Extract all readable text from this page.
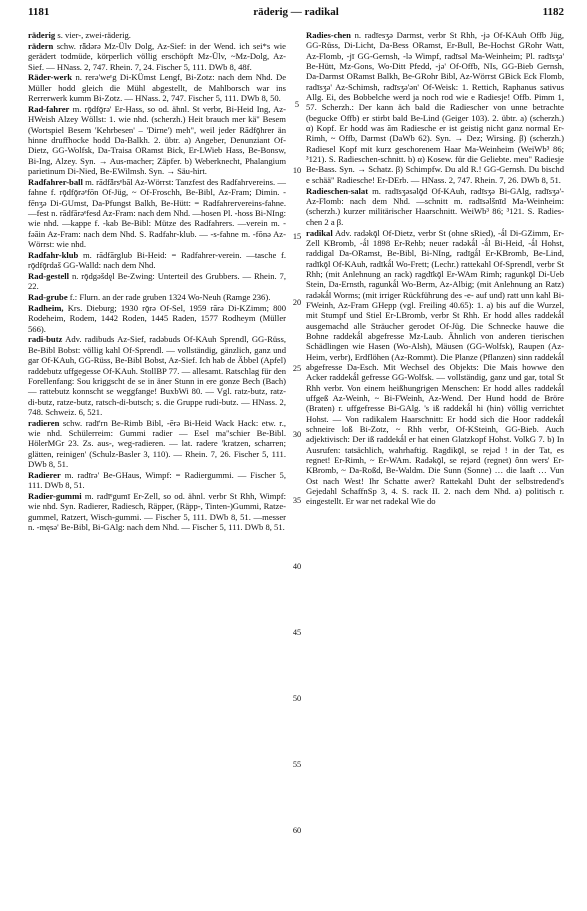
1181	räderig — radikal	1182

räderig s. vier-, zwei-räderig.

rädern schw. rǟdərə Mz-Ülv Dolg, Az-Sief: in der Wend. ich sei*s wie gerädert todmüde, körperlich völlig erschöpft Mz-Ülv, ~Mz-Dolg, Az-Sief. — HNass. 2, 747. Rhein. 7, 24. Fischer 5, 111. DWb 8, 48f.

Räder-werk n. rerə'weᵋg Di-KÜmst Lengf, Bi-Zotz: nach dem Nhd. De Müller hodd gleich die Mühl abgestellt, de Mahlborsch war ins Rerrerwerk kumm Bi-Zotz. — HNass. 2, 747. Fischer 5, 111. DWb 8, 50.

Rad-fahrer m. rǭdfǭrə' Er-Hass, so od. ähnl. St verbr, Bi-Heid Ing, Az-HWeish Alzey Wöllst: 1. wie nhd. (scherzh.) Heit brauch mer kä" Besem (Wortspiel Besem 'Kehrbesen' – 'Dirne') meh", weil jeder Rādfǭhrer än hinne druffhocke hodd Da-Balkh. 2. übtr. a) Angeber, Denunziant Of-Dietz, GG-Wolfsk, Da-Traisa ORamst Bick, Er-LWieb Hass, Be-Bonsw, Bi-Ing, Alzey. Syn. → Aus-macher; Zäpfer. b) Weberknecht, Phalangium parietinum Di-Nied, Be-EWilmsh. Syn. → Säu-hirt.

Radfahrer-ball m. rādfǟrsᵉbāl Az-Wörrst: Tanzfest des Radfahrvereins. —fahne f. rǭdfǭrəᵉfōn Of-Jüg, ~ Of-Froschh, Be-Bibl, Az-Fram; Dimin. -fēnʒə Di-GUmst, Da-Pfungst Balkh, Be-Hütt: = Radfahrervereins-fahne. —fest n. rādfārəᵉfesd Az-Fram: nach dem Nhd. —hosen Pl. -hoss Bi-NIng: wie nhd. —kappe f. -kab Be-Bibl: Mütze des Radfahrers. —verein m. -fəāin Az-Fram: nach dem Nhd. S. Radfahr-klub. — -s-fahne m. -fōnə Az-Wörrst: wie nhd.

Radfahr-klub m. rādfārglub Bi-Heid: = Radfahrer-verein. —tasche f. rǭdfǭrdaš GG-Walld: nach dem Nhd.

Rad-gestell n. rǭdgəšdęl Be-Zwing: Unterteil des Grubbers. — Rhein. 7, 22.

Rad-grube f.: Flurn. an der rade gruben 1324 Wo-Neuh (Ramge 236).

Radheim, Krs. Dieburg; 1930 rǭrə Of-Sel, 1959 rārə Di-KZimm; 800 Rodeheim, Rodem, 1442 Roden, 1445 Raden, 1577 Rodheym (Müller 566).

radi-butz Adv. radibuds Az-Sief, radəbuds Of-KAuh Sprendl, GG-Rüss, Be-Bibl Bobst: völlig kahl Of-Sprendl. — vollständig, gänzlich, ganz und gar Of-KAuh, GG-Rüss, Be-Bibl Bobst, Az-Sief. Ich hab de Äbbel (Apfel) raddebutz uffgegesse Of-KAuh. StollBP 77. — allesamt. Ratschlag für den Forellenfang: Sou kriggscht de se in äner Stunn in ere gonze Bech (Bach) — rattebutz konnscht se weggfange! BuxbWi 80. — Vgl. ratz-butz, ratz-di-butz, ratze-butz, ratsch-di-butsch; s. die Gruppe rudi-butz. — HNass. 2, 748. Schweiz. 6, 521.

radieren schw. radī'rn Be-Rimb Bibl, -ērə Bi-Heid Wack Hack: etw. r., wie nhd. Schülerreim: Gummi radier — Esel ma"schier Be-Bibl. HölerMGr 23. Zs. aus-, weg-radieren. — lat. radere 'kratzen, scharren; glätten, reinigen' (Schulz-Basler 3, 110). — Rhein. 7, 26. Fischer 5, 111. DWb 8, 51.

Radierer m. radīrə' Be-GHaus, Wimpf: = Radiergummi. — Fischer 5, 111. DWb 8, 51.

Radier-gummi m. radīᵉgumī Er-Zell, so od. ähnl. verbr St Rhh, Wimpf: wie nhd. Syn. Radierer, Radiesch, Räpper, (Räpp-, Tinten-)Gummi, Ratze-gummel, Ratzert, Wisch-gummi. — Fischer 5, 111. DWb 8, 51. —messer n. -męsə' Be-Bibl, Bi-GAlg: nach dem Nhd. — Fischer 5, 111. DWb 8, 51.

5
10
15
20
25
30
35
40
45
50
55
60

Radies-chen n. radīesʒə Darmst, verbr St Rhh, -jə Of-KAuh Offb Jüg, GG-Rüss, Di-Licht, Da-Bess ORamst, Er-Bull, Be-Hochst GRohr Watt, Az-Flomb, -jī GG-Gernsh, -lə Wimpf, radīsəl Ma-Weinheim; Pl. radīsʒə' Be-Hütt, Mz-Gons, Wo-Ditt Pfedd, -jə' Of-Offb, NIs, GG-Bieb Gernsh, Da-Darmst ORamst Balkh, Be-GRohr Bibl, Az-Wörrst GBick Eck Flomb, radīsʒə' Az-Schimsh, radīsʒə'ən' Of-Weisk: 1. Rettich, Raphanus sativus Allg. Ei, des Bobbelche werd ja noch rod wie e Radiesje! Offb. Pimm 1, 57. Scherzh.: Der kann äch bald die Radiescher von unne betrachte (begucke Offb) er stirbt bald Be-Lind (Geiger 103). 2. übtr. a) (scherzh.) α) Kopf. Er hodd was ām Radiesche er ist geistig nicht ganz normal Er-Rimh, ~ Offb, Darmst (DaWb 62). Syn. → Dez; Wirsing. β) (scherzh.) Radiesel Kopf mit kurz geschorenem Haar Ma-Weinheim (WeiWb³ 86; ³121). S. Radieschen-schnitt. b) α) Kosew. für die Geliebte. meu" Radiesje Be-Bass. Syn. → Schatz. β) Schimpfw. Du ald R.! GG-Gernsh. Du bischd e schää" Radiesche! Er-DErb. — HNass. 2, 747. Rhein. 7, 26. DWb 8, 51.

Radieschen-salat m. radīsʒəsəlǭd Of-KAuh, radīsʒə Bi-GAlg, radīsʒə'- Az-Flomb: nach dem Nhd. —schnitt m. radīsəlšnīd Ma-Weinheim: (scherzh.) kurzer militärischer Haarschnitt. WeiWb³ 86; ³121. S. Radies-chen 2 a β.

radikal Adv. radəkǭl Of-Dietz, verbr St (ohne sRied), -ǻl Di-GZimm, Er-Zell KBromb, -ǻl 1898 Er-Rehb; neuer radəkǻl -ǻl Bi-Heid, -ǻl Hohst, raddigal Da-ORamst, Be-Bibl, Bi-NIng, radīgǻl Er-KBromb, Be-Lind, radīkǭl Of-KAuh, radīkǻl Wo-Frett; (Lechr.) rattekahl Of-Sprendl, verbr St Rhh; (mit Anlehnung an rack) ragdīkǭl Er-WAm Rimh; ragunkǭl Di-Ueb Stein, Da-Ernsth, ragunkǻl Wo-Berm, Az-Albig; (mit Anlehnung an Ratz) radəkǻl Worms; (mit irriger Rückführung des -e- auf und) ratt unn kahl Bi-FWeinh, Az-Fram GHepp (vgl. Freiling 40.65): 1. a) bis auf die Wurzel, mit Stumpf und Stiel Er-LBromb, verbr St Rhh. Er hodd alles raddekǻl ausgemachd alle Sträucher gerodet Of-Jüg. Die Schnecke hauwe die Bohne raddekǻl abgefresse Mz-Laub. Ähnlich von anderen tierischen Schädlingen wie Hasen (Wo-Alsh), Mäusen (GG-Wolfsk), Raupen (Az-Heim, verbr), Erdflöhen (Az-Rommt). Die Planze (Pflanzen) sinn raddekǻl abgefresse Da-Esch. Mit Wechsel des Objekts: Die Mais howwe den Acker raddekǻl gefresse GG-Wolfsk. — vollständig, ganz und gar, total St Rhh verbr. Von einem heißhungrigen Menschen: Er hodd alles raddekǻl uffgeß Az-Weinh, ~ Bi-FWeinh, Az-Wend. Der Hund hodd de Bröre (Braten) r. uffgefresse Bi-GAlg. 's iß raddekǻl hi (hin) völlig verrichtet Hohst. — Von radikalem Haarschnitt: Er hodd sich die Hoor raddekǻl schneire loß Bi-Zotz, ~ Rhh verbr, Of-KSteinh, GG-Bieb. Auch adjektivisch: Der iß raddekǻl er hat einen Glatzkopf Hohst. VolkG 7. b) In Ausrufen: tatsächlich, wahrhaftig. Ragdikǭl, se rejəd ! in der Tat, es regnet! Er-Rimh, ~ Er-WAm. Radəkǭl, se rejərd (regnet) ônn wers' Er-KBromb, ~ Da-Roßd, Be-Waldm. Die Sunn (Sonne) … die laaft … Vun Ost nach West! Ihr Schatte awer? Rattekahl Duht der selbstredend's Gejedahl SchaffnSp 3, 4. S. rack II. 2. nach dem Nhd. a) politisch r. eingestellt. Er war net radekal Wie do
